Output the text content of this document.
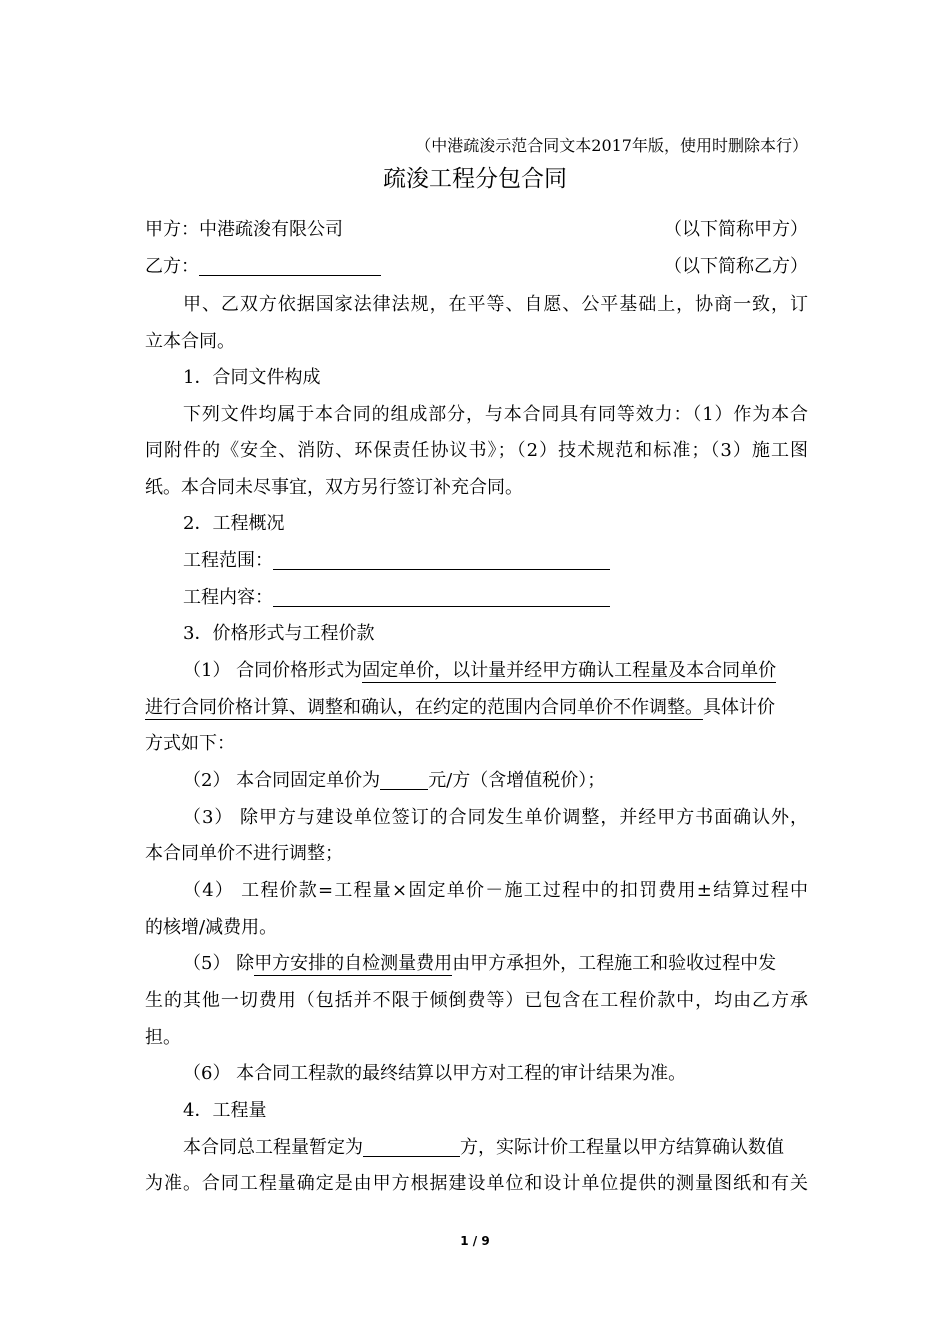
（中港疏浚示范合同文本2017年版，使用时删除本行）
疏浚工程分包合同
甲方：中港疏浚有限公司	（以下简称甲方）
乙方：	（以下简称乙方）
甲、乙双方依据国家法律法规，在平等、自愿、公平基础上，协商一致，订
立本合同。
1．合同文件构成
下列文件均属于本合同的组成部分，与本合同具有同等效力：（1）作为本合
同附件的《安全、消防、环保责任协议书》；（2）技术规范和标准；（3）施工图
纸。本合同未尽事宜，双方另行签订补充合同。
2．工程概况
工程范围：
工程内容：
3．价格形式与工程价款
（1） 合同价格形式为固定单价，以计量并经甲方确认工程量及本合同单价
进行合同价格计算、调整和确认，在约定的范围内合同单价不作调整。具体计价
方式如下：
（2） 本合同固定单价为	元/方（含增值税价）；
（3） 除甲方与建设单位签订的合同发生单价调整，并经甲方书面确认外，
本合同单价不进行调整；
（4） 工程价款=工程量×固定单价－施工过程中的扣罚费用±结算过程中
的核增/减费用。
（5） 除甲方安排的自检测量费用由甲方承担外，工程施工和验收过程中发
生的其他一切费用（包括并不限于倾倒费等）已包含在工程价款中，均由乙方承
担。
（6） 本合同工程款的最终结算以甲方对工程的审计结果为准。
4．工程量
本合同总工程量暂定为	方，实际计价工程量以甲方结算确认数值
为准。合同工程量确定是由甲方根据建设单位和设计单位提供的测量图纸和有关
1 / 9
